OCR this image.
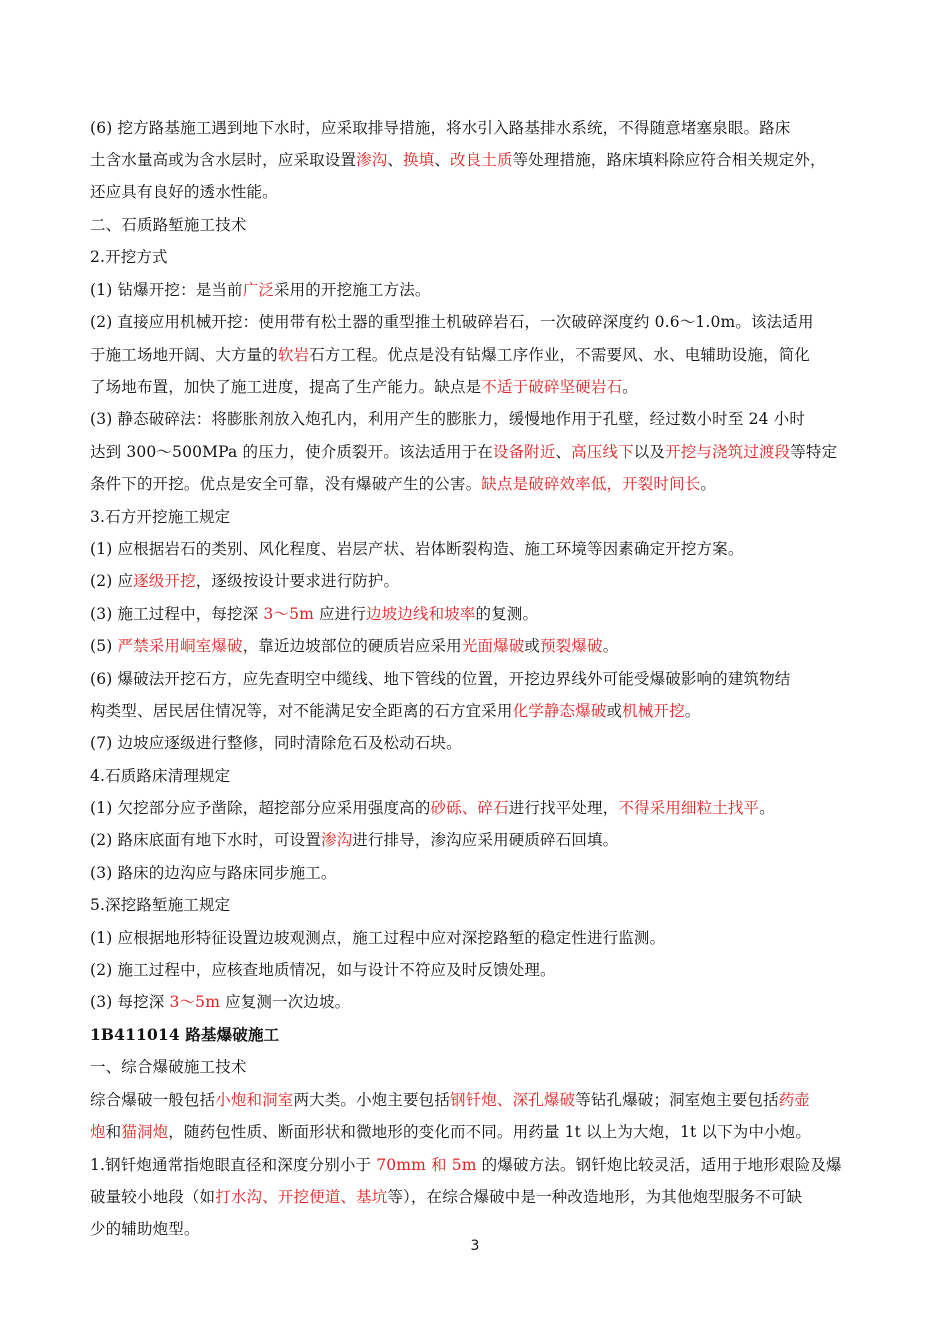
(6) 挖方路基施工遇到地下水时，应采取排导措施，将水引入路基排水系统，不得随意堵塞泉眼。路床
土含水量高或为含水层时，应采取设置渗沟、换填、改良土质等处理措施，路床填料除应符合相关规定外，
还应具有良好的透水性能。
二、石质路堑施工技术
2.开挖方式
(1) 钻爆开挖：是当前广泛采用的开挖施工方法。
(2) 直接应用机械开挖：使用带有松土器的重型推土机破碎岩石，一次破碎深度约 0.6～1.0m。该法适用
于施工场地开阔、大方量的软岩石方工程。优点是没有钻爆工序作业，不需要风、水、电辅助设施，简化
了场地布置，加快了施工进度，提高了生产能力。缺点是不适于破碎坚硬岩石。
(3) 静态破碎法：将膨胀剂放入炮孔内，利用产生的膨胀力，缓慢地作用于孔壁，经过数小时至 24 小时
达到 300～500MPa 的压力，使介质裂开。该法适用于在设备附近、高压线下以及开挖与浇筑过渡段等特定
条件下的开挖。优点是安全可靠，没有爆破产生的公害。缺点是破碎效率低，开裂时间长。
3.石方开挖施工规定
(1) 应根据岩石的类别、风化程度、岩层产状、岩体断裂构造、施工环境等因素确定开挖方案。
(2) 应逐级开挖，逐级按设计要求进行防护。
(3) 施工过程中，每挖深 3～5m 应进行边坡边线和坡率的复测。
(5) 严禁采用峒室爆破，靠近边坡部位的硬质岩应采用光面爆破或预裂爆破。
(6) 爆破法开挖石方，应先查明空中缆线、地下管线的位置，开挖边界线外可能受爆破影响的建筑物结
构类型、居民居住情况等，对不能满足安全距离的石方宜采用化学静态爆破或机械开挖。
(7) 边坡应逐级进行整修，同时清除危石及松动石块。
4.石质路床清理规定
(1) 欠挖部分应予凿除，超挖部分应采用强度高的砂砾、碎石进行找平处理，不得采用细粒土找平。
(2) 路床底面有地下水时，可设置渗沟进行排导，渗沟应采用硬质碎石回填。
(3) 路床的边沟应与路床同步施工。
5.深挖路堑施工规定
(1) 应根据地形特征设置边坡观测点，施工过程中应对深挖路堑的稳定性进行监测。
(2) 施工过程中，应核查地质情况，如与设计不符应及时反馈处理。
(3) 每挖深 3～5m 应复测一次边坡。
1B411014 路基爆破施工
一、综合爆破施工技术
综合爆破一般包括小炮和洞室两大类。小炮主要包括钢钎炮、深孔爆破等钻孔爆破；洞室炮主要包括药壶
炮和猫洞炮，随药包性质、断面形状和微地形的变化而不同。用药量 1t 以上为大炮，1t 以下为中小炮。
1.钢钎炮通常指炮眼直径和深度分别小于 70mm 和 5m 的爆破方法。钢钎炮比较灵活，适用于地形艰险及爆
破量较小地段（如打水沟、开挖便道、基坑等），在综合爆破中是一种改造地形，为其他炮型服务不可缺
少的辅助炮型。
3
